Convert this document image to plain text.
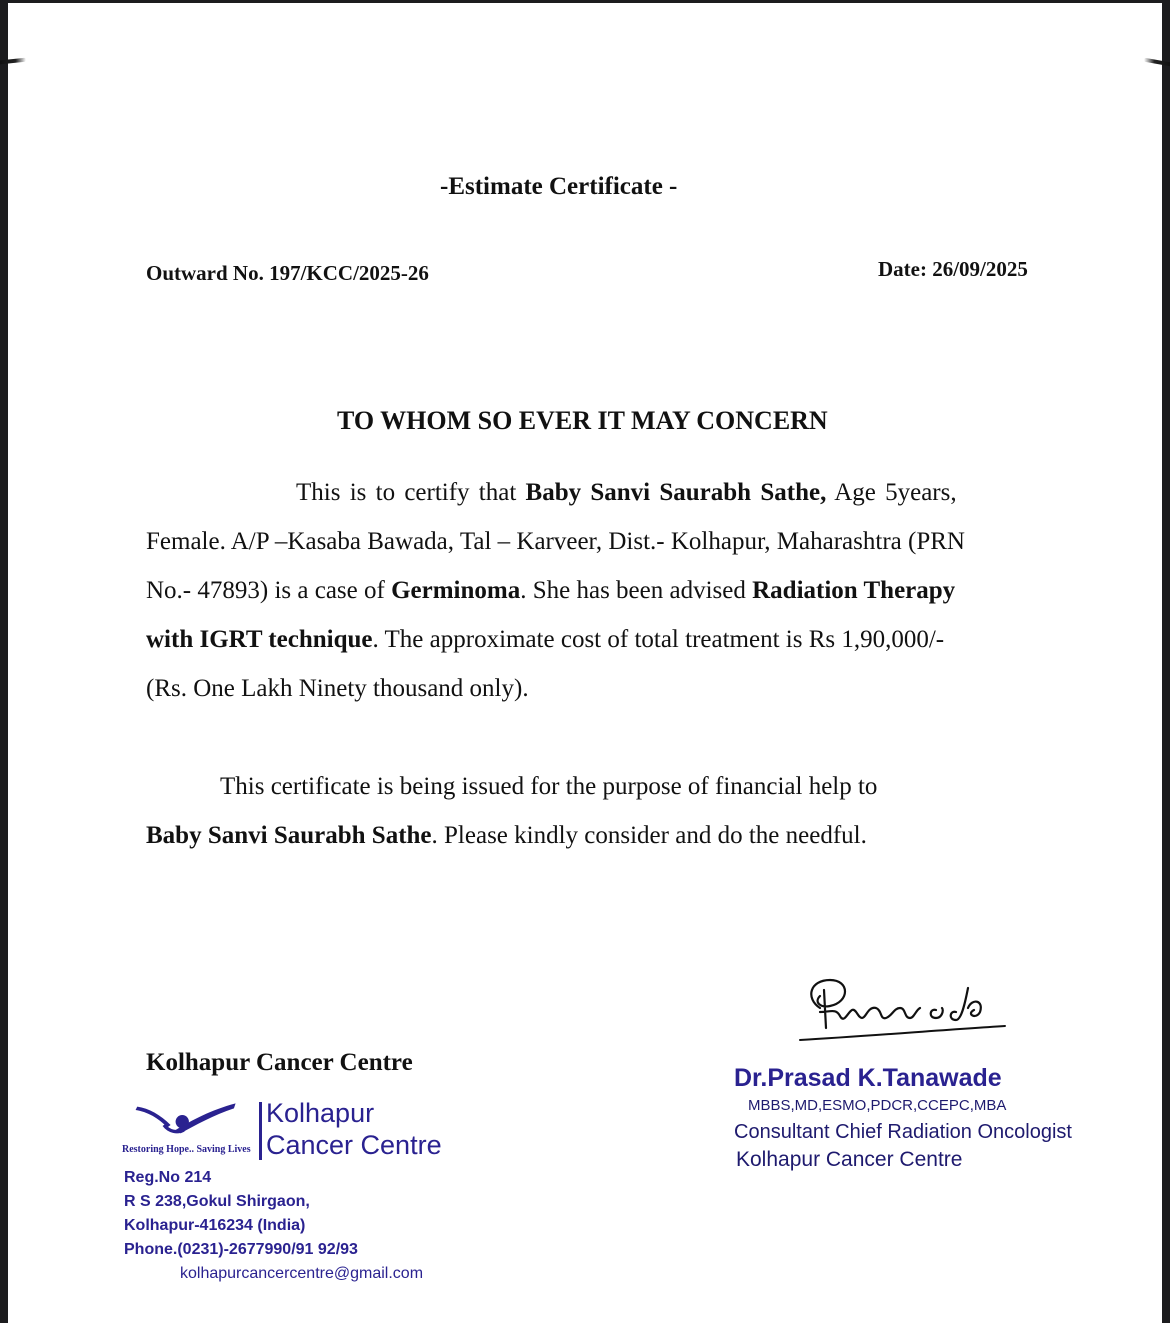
-Estimate Certificate -
Outward No. 197/KCC/2025-26	Date: 26/09/2025
TO WHOM SO EVER IT MAY CONCERN
This is to certify that Baby Sanvi Saurabh Sathe, Age 5years,
Female. A/P –Kasaba Bawada, Tal – Karveer, Dist.- Kolhapur, Maharashtra (PRN
No.- 47893) is a case of Germinoma. She has been advised Radiation Therapy
with IGRT technique. The approximate cost of total treatment is Rs 1,90,000/-
(Rs. One Lakh Ninety thousand only).
This certificate is being issued for the purpose of financial help to
Baby Sanvi Saurabh Sathe. Please kindly consider and do the needful.
Kolhapur Cancer Centre
Restoring Hope.. Saving Lives
Kolhapur
Cancer Centre
Reg.No 214
R S 238,Gokul Shirgaon,
Kolhapur-416234 (India)
Phone.(0231)-2677990/91 92/93
kolhapurcancercentre@gmail.com
Dr.Prasad K.Tanawade
MBBS,MD,ESMO,PDCR,CCEPC,MBA
Consultant Chief Radiation Oncologist
Kolhapur Cancer Centre
